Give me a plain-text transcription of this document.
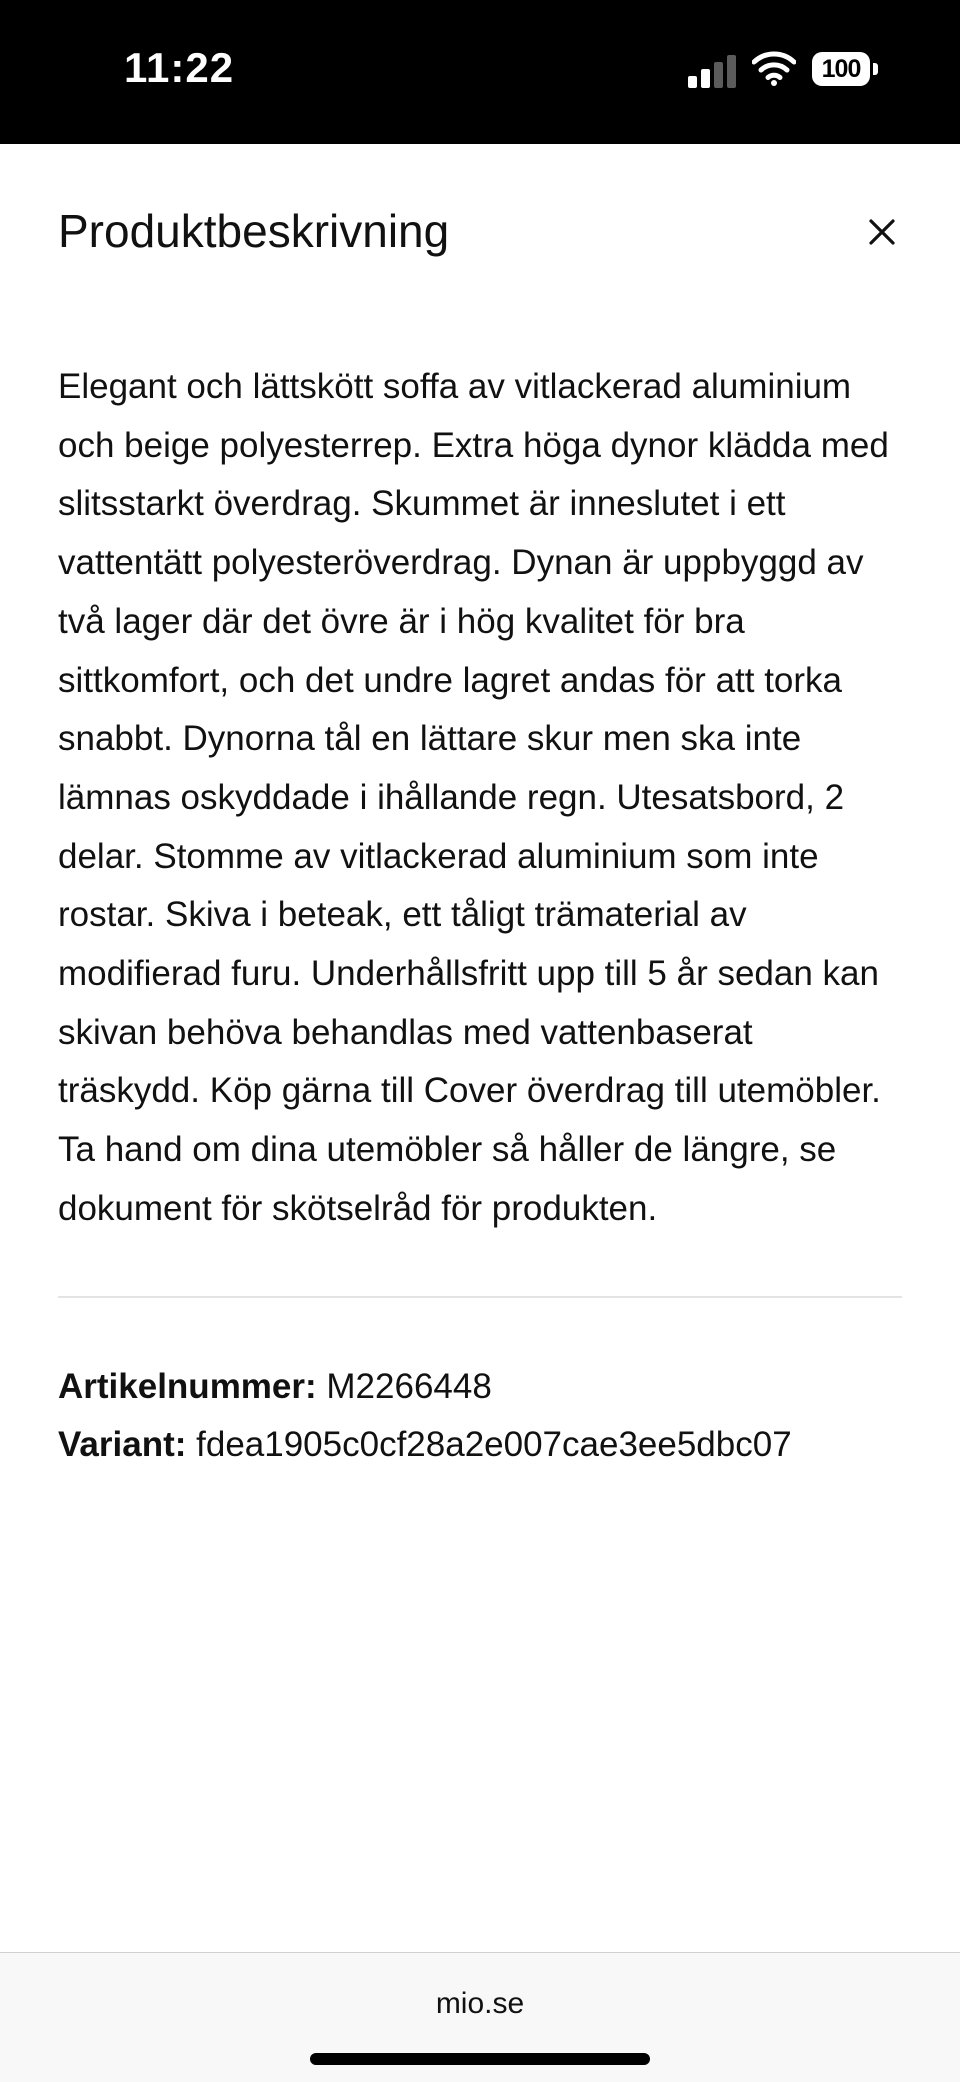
11:22	100
Produktbeskrivning

Elegant och lättskött soffa av vitlackerad aluminium och beige polyesterrep. Extra höga dynor klädda med slitsstarkt överdrag. Skummet är inneslutet i ett vattentätt polyesteröverdrag. Dynan är uppbyggd av två lager där det övre är i hög kvalitet för bra sittkomfort, och det undre lagret andas för att torka snabbt. Dynorna tål en lättare skur men ska inte lämnas oskyddade i ihållande regn. Utesatsbord, 2 delar. Stomme av vitlackerad aluminium som inte rostar. Skiva i beteak, ett tåligt trämaterial av modifierad furu. Underhållsfritt upp till 5 år sedan kan skivan behöva behandlas med vattenbaserat träskydd. Köp gärna till Cover överdrag till utemöbler. Ta hand om dina utemöbler så håller de längre, se dokument för skötselråd för produkten.

Artikelnummer: M2266448
Variant: fdea1905c0cf28a2e007cae3ee5dbc07
mio.se
